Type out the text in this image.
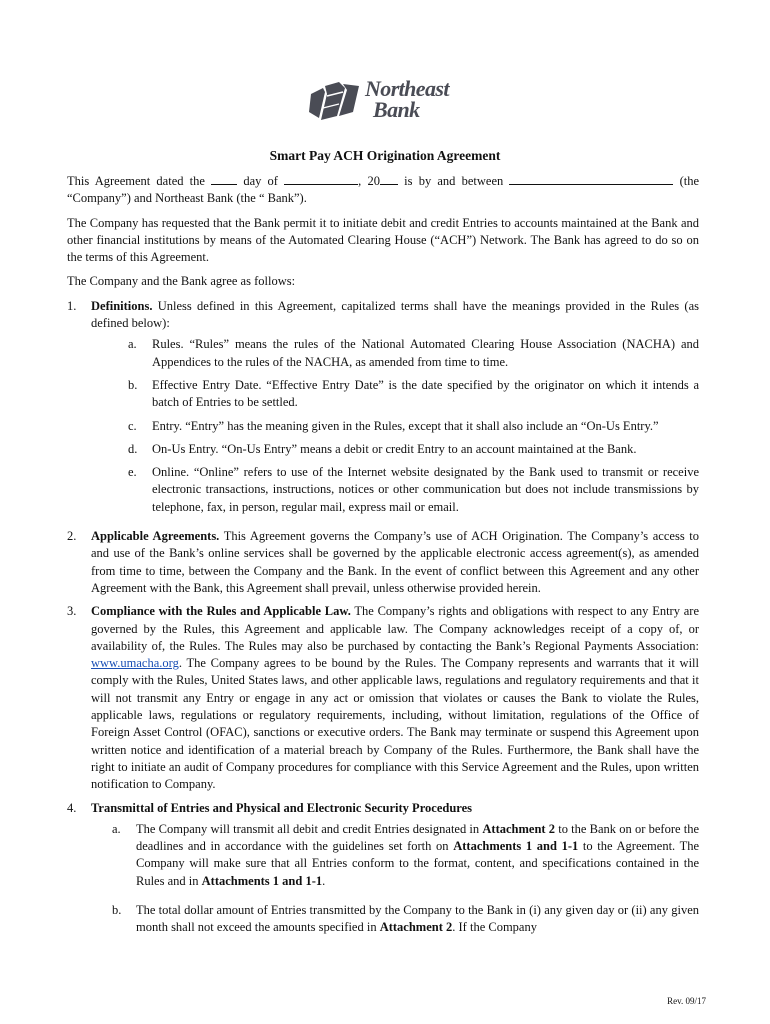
Northeast
Bank
Smart Pay ACH Origination Agreement

This Agreement dated the	day of	, 20 is by and between	(the “Company”) and Northeast Bank (the “ Bank”).

The Company has requested that the Bank permit it to initiate debit and credit Entries to accounts maintained at the Bank and other financial institutions by means of the Automated Clearing House (“ACH”) Network. The Bank has agreed to do so on the terms of this Agreement.

The Company and the Bank agree as follows:

1.	Definitions. Unless defined in this Agreement, capitalized terms shall have the meanings provided in the Rules (as defined below):
a.	Rules. “Rules” means the rules of the National Automated Clearing House Association (NACHA) and Appendices to the rules of the NACHA, as amended from time to time.
b.	Effective Entry Date. “Effective Entry Date” is the date specified by the originator on which it intends a batch of Entries to be settled.
c.	Entry. “Entry” has the meaning given in the Rules, except that it shall also include an “On-Us Entry.”
d.	On-Us Entry. “On-Us Entry” means a debit or credit Entry to an account maintained at the Bank.
e.	Online. “Online” refers to use of the Internet website designated by the Bank used to transmit or receive electronic transactions, instructions, notices or other communication but does not include transmissions by telephone, fax, in person, regular mail, express mail or email.
2.	Applicable Agreements. This Agreement governs the Company’s use of ACH Origination. The Company’s access to and use of the Bank’s online services shall be governed by the applicable electronic access agreement(s), as amended from time to time, between the Company and the Bank. In the event of conflict between this Agreement and any other Agreement with the Bank, this Agreement shall prevail, unless otherwise provided herein.
3.	Compliance with the Rules and Applicable Law. The Company’s rights and obligations with respect to any Entry are governed by the Rules, this Agreement and applicable law. The Company acknowledges receipt of a copy of, or availability of, the Rules. The Rules may also be purchased by contacting the Bank’s Regional Payments Association: www.umacha.org. The Company agrees to be bound by the Rules. The Company represents and warrants that it will comply with the Rules, United States laws, and other applicable laws, regulations and regulatory requirements and that it will not transmit any Entry or engage in any act or omission that violates or causes the Bank to violate the Rules, applicable laws, regulations or regulatory requirements, including, without limitation, regulations of the Office of Foreign Asset Control (OFAC), sanctions or executive orders. The Bank may terminate or suspend this Agreement upon written notice and identification of a material breach by Company of the Rules. Furthermore, the Bank shall have the right to initiate an audit of Company procedures for compliance with this Service Agreement and the Rules, upon written notification to Company.
4.	Transmittal of Entries and Physical and Electronic Security Procedures
a.	The Company will transmit all debit and credit Entries designated in Attachment 2 to the Bank on or before the deadlines and in accordance with the guidelines set forth on Attachments 1 and 1-1 to the Agreement. The Company will make sure that all Entries conform to the format, content, and specifications contained in the Rules and in Attachments 1 and 1-1.
b.	The total dollar amount of Entries transmitted by the Company to the Bank in (i) any given day or (ii) any given month shall not exceed the amounts specified in Attachment 2. If the Company
Rev. 09/17
